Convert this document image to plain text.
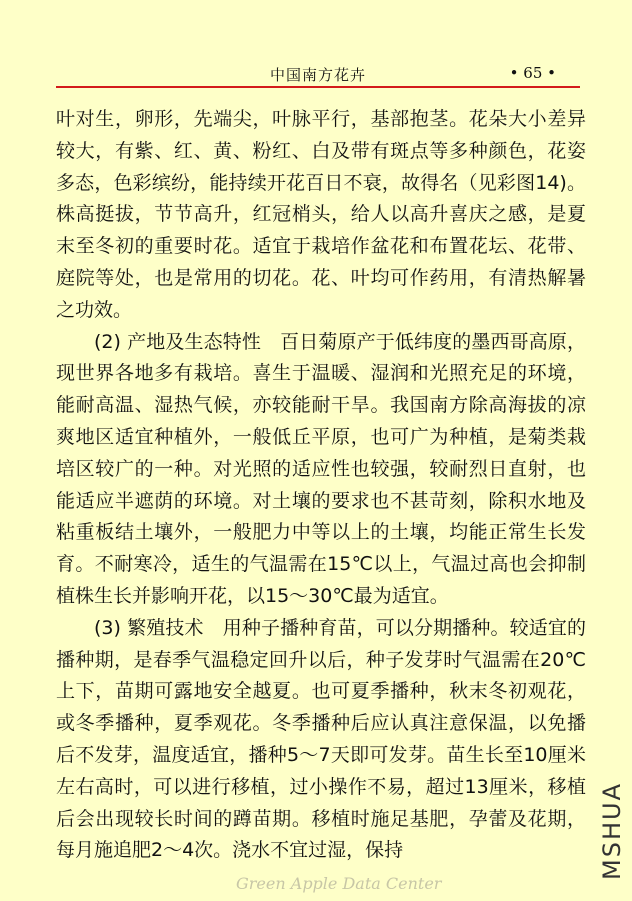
中国南方花卉	• 65 •

叶对生，卵形，先端尖，叶脉平行，基部抱茎。花朵大小差异较大，有紫、红、黄、粉红、白及带有斑点等多种颜色，花姿多态，色彩缤纷，能持续开花百日不衰，故得名（见彩图14)。株高挺拔，节节高升，红冠梢头，给人以高升喜庆之感，是夏末至冬初的重要时花。适宜于栽培作盆花和布置花坛、花带、庭院等处，也是常用的切花。花、叶均可作药用，有清热解暑之功效。

(2) 产地及生态特性　百日菊原产于低纬度的墨西哥高原，现世界各地多有栽培。喜生于温暖、湿润和光照充足的环境，能耐高温、湿热气候，亦较能耐干旱。我国南方除高海拔的凉爽地区适宜种植外，一般低丘平原，也可广为种植，是菊类栽培区较广的一种。对光照的适应性也较强，较耐烈日直射，也能适应半遮荫的环境。对土壤的要求也不甚苛刻，除积水地及粘重板结土壤外，一般肥力中等以上的土壤，均能正常生长发育。不耐寒冷，适生的气温需在15℃以上，气温过高也会抑制植株生长并影响开花，以15～30℃最为适宜。

(3) 繁殖技术　用种子播种育苗，可以分期播种。较适宜的播种期，是春季气温稳定回升以后，种子发芽时气温需在20℃上下，苗期可露地安全越夏。也可夏季播种，秋末冬初观花，或冬季播种，夏季观花。冬季播种后应认真注意保温，以免播后不发芽，温度适宜，播种5～7天即可发芽。苗生长至10厘米左右高时，可以进行移植，过小操作不易，超过13厘米，移植后会出现较长时间的蹲苗期。移植时施足基肥，孕蕾及花期，每月施追肥2～4次。浇水不宜过湿，保持	MSHUA
Green Apple Data Center
